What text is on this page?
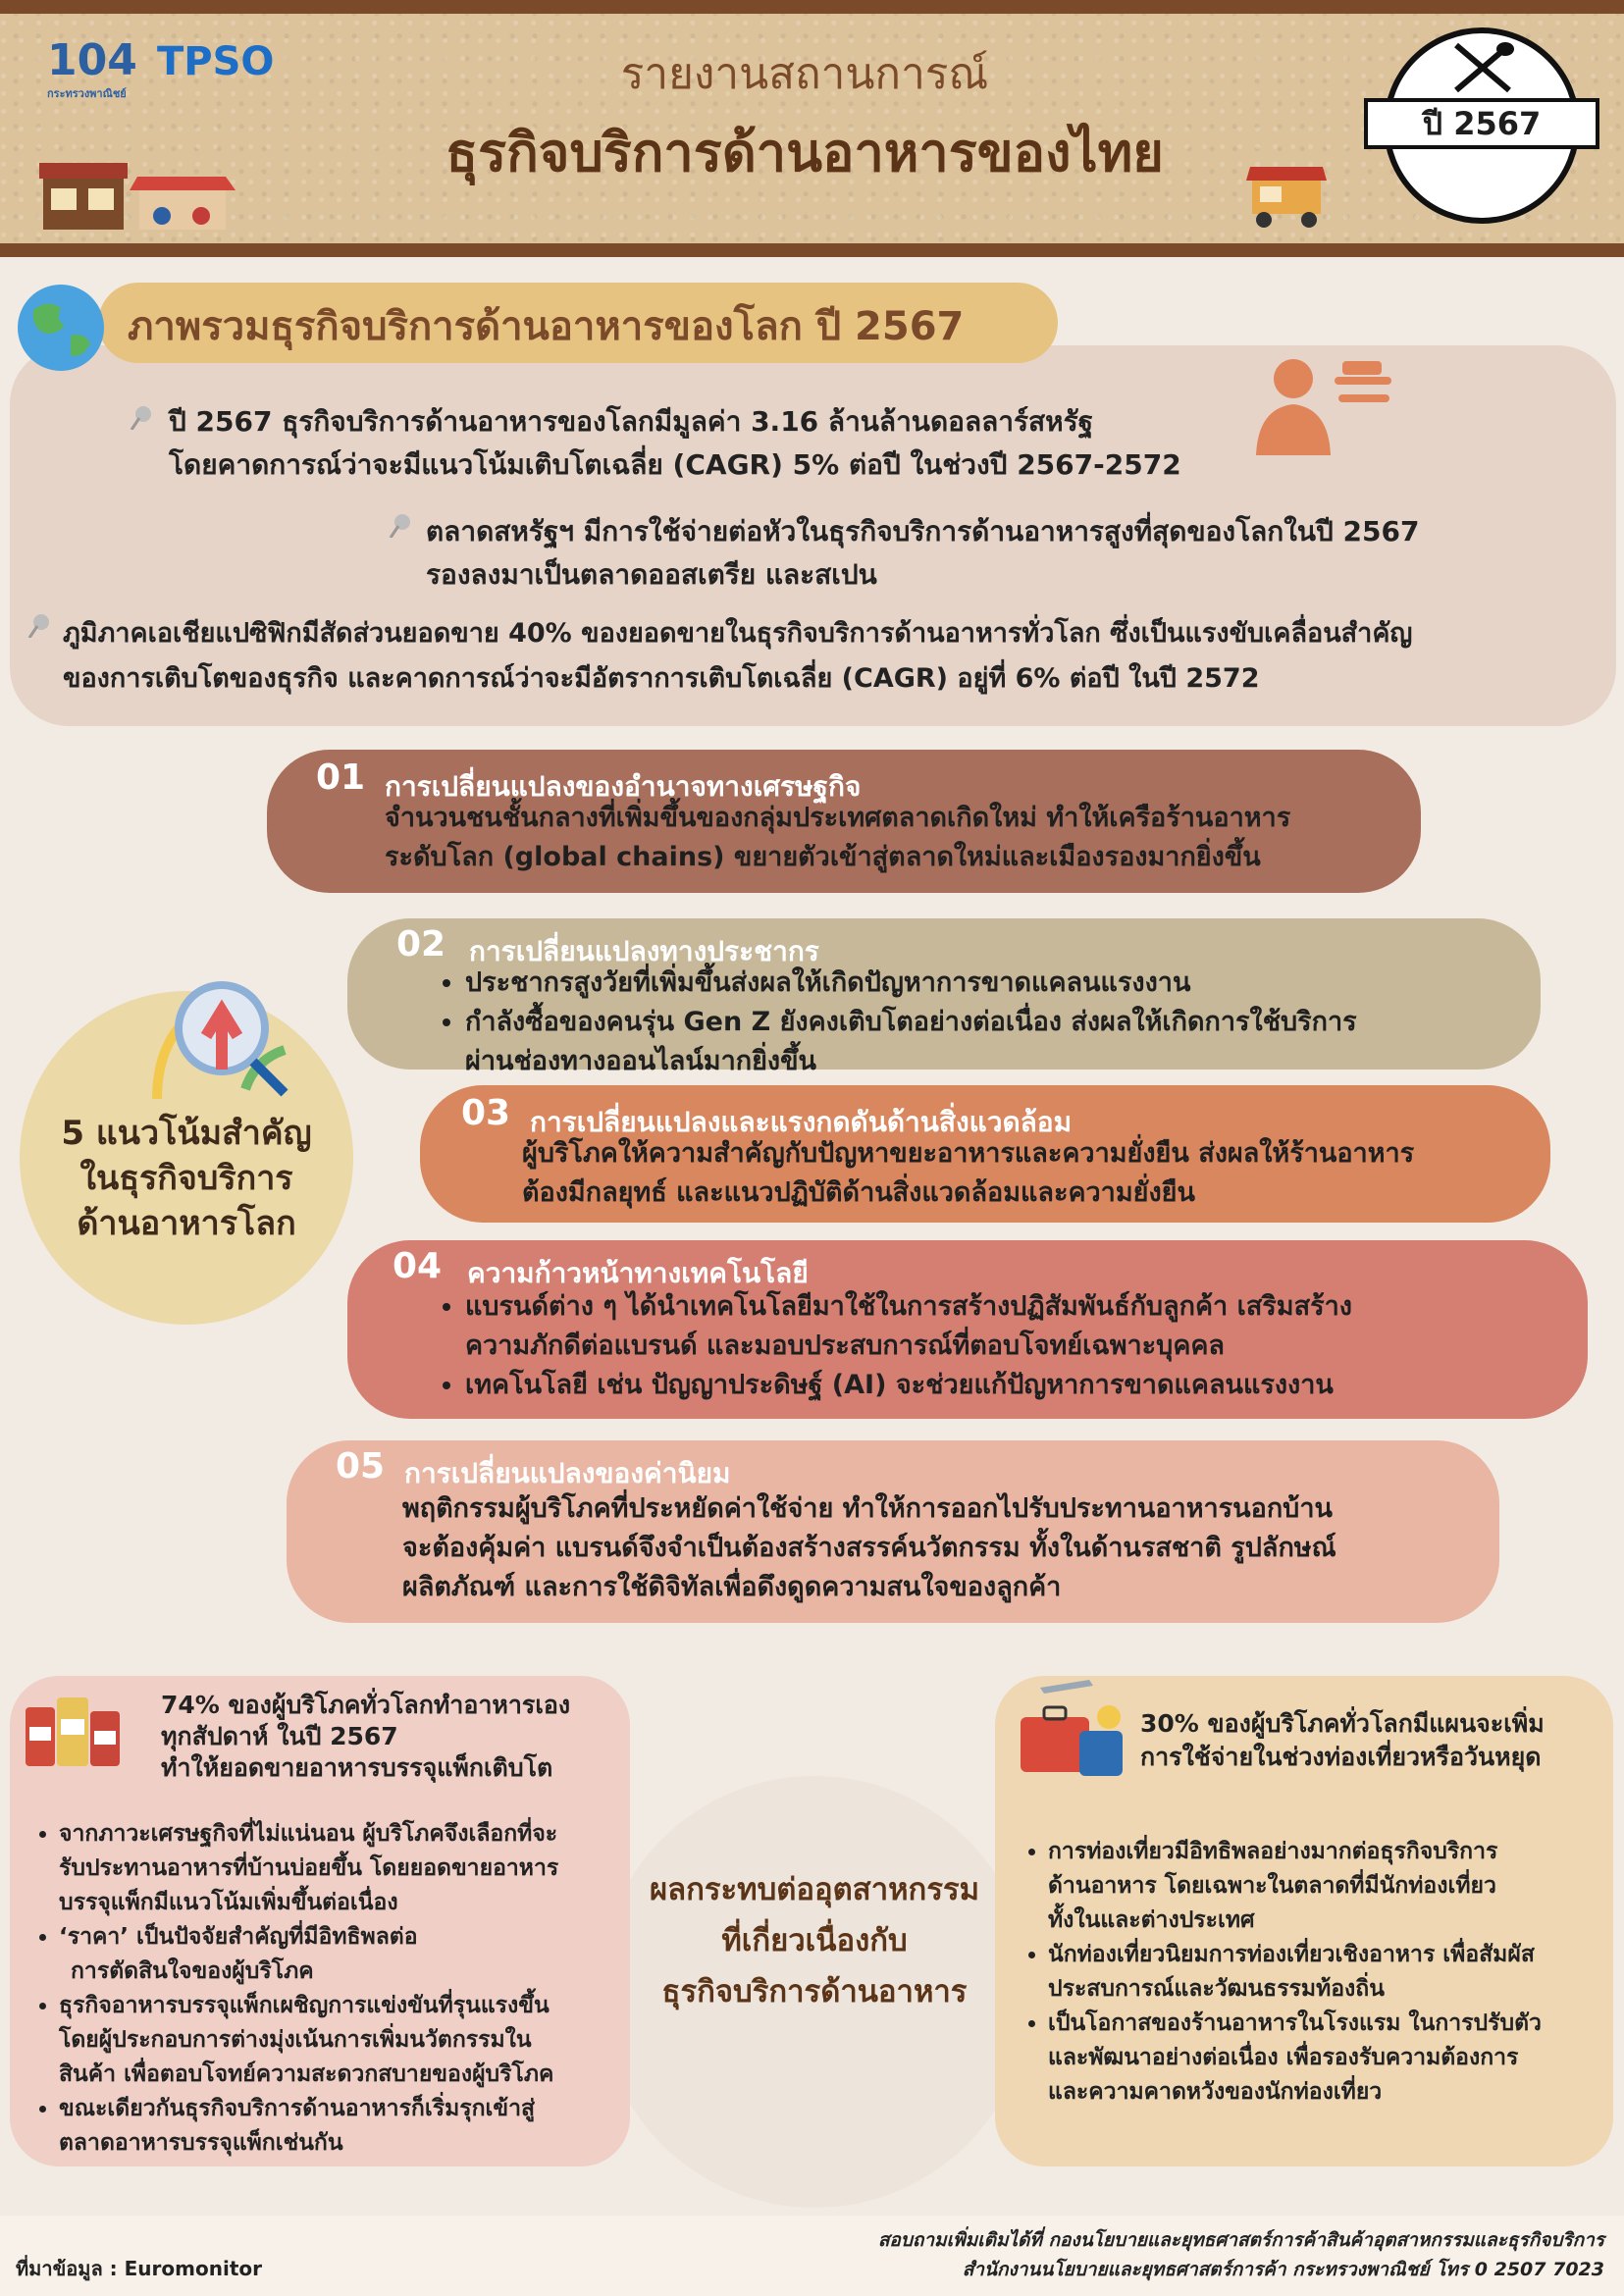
104
กระทรวงพาณิชย์
TPSO	รายงานสถานการณ์
ธุรกิจบริการด้านอาหารของไทย	ปี 2567
ภาพรวมธุรกิจบริการด้านอาหารของโลก ปี 2567
ปี 2567 ธุรกิจบริการด้านอาหารของโลกมีมูลค่า 3.16 ล้านล้านดอลลาร์สหรัฐ
โดยคาดการณ์ว่าจะมีแนวโน้มเติบโตเฉลี่ย (CAGR) 5% ต่อปี ในช่วงปี 2567-2572
ตลาดสหรัฐฯ มีการใช้จ่ายต่อหัวในธุรกิจบริการด้านอาหารสูงที่สุดของโลกในปี 2567
รองลงมาเป็นตลาดออสเตรีย และสเปน
ภูมิภาคเอเชียแปซิฟิกมีสัดส่วนยอดขาย 40% ของยอดขายในธุรกิจบริการด้านอาหารทั่วโลก ซึ่งเป็นแรงขับเคลื่อนสำคัญ
ของการเติบโตของธุรกิจ และคาดการณ์ว่าจะมีอัตราการเติบโตเฉลี่ย (CAGR) อยู่ที่ 6% ต่อปี ในปี 2572
5 แนวโน้มสำคัญ
ในธุรกิจบริการ
ด้านอาหารโลก
01 การเปลี่ยนแปลงของอำนาจทางเศรษฐกิจ
จำนวนชนชั้นกลางที่เพิ่มขึ้นของกลุ่มประเทศตลาดเกิดใหม่ ทำให้เครือร้านอาหาร
ระดับโลก (global chains) ขยายตัวเข้าสู่ตลาดใหม่และเมืองรองมากยิ่งขึ้น
02 การเปลี่ยนแปลงทางประชากร
• ประชากรสูงวัยที่เพิ่มขึ้นส่งผลให้เกิดปัญหาการขาดแคลนแรงงาน
• กำลังซื้อของคนรุ่น Gen Z ยังคงเติบโตอย่างต่อเนื่อง ส่งผลให้เกิดการใช้บริการ
ผ่านช่องทางออนไลน์มากยิ่งขึ้น
03 การเปลี่ยนแปลงและแรงกดดันด้านสิ่งแวดล้อม
ผู้บริโภคให้ความสำคัญกับปัญหาขยะอาหารและความยั่งยืน ส่งผลให้ร้านอาหาร
ต้องมีกลยุทธ์ และแนวปฏิบัติด้านสิ่งแวดล้อมและความยั่งยืน
04 ความก้าวหน้าทางเทคโนโลยี
• แบรนด์ต่าง ๆ ได้นำเทคโนโลยีมาใช้ในการสร้างปฏิสัมพันธ์กับลูกค้า เสริมสร้าง
ความภักดีต่อแบรนด์ และมอบประสบการณ์ที่ตอบโจทย์เฉพาะบุคคล
• เทคโนโลยี เช่น ปัญญาประดิษฐ์ (AI) จะช่วยแก้ปัญหาการขาดแคลนแรงงาน
05 การเปลี่ยนแปลงของค่านิยม
พฤติกรรมผู้บริโภคที่ประหยัดค่าใช้จ่าย ทำให้การออกไปรับประทานอาหารนอกบ้าน
จะต้องคุ้มค่า แบรนด์จึงจำเป็นต้องสร้างสรรค์นวัตกรรม ทั้งในด้านรสชาติ รูปลักษณ์
ผลิตภัณฑ์ และการใช้ดิจิทัลเพื่อดึงดูดความสนใจของลูกค้า
ผลกระทบต่ออุตสาหกรรม
ที่เกี่ยวเนื่องกับ
ธุรกิจบริการด้านอาหาร
74% ของผู้บริโภคทั่วโลกทำอาหารเอง
ทุกสัปดาห์ ในปี 2567
ทำให้ยอดขายอาหารบรรจุแพ็กเติบโต
• จากภาวะเศรษฐกิจที่ไม่แน่นอน ผู้บริโภคจึงเลือกที่จะ
รับประทานอาหารที่บ้านบ่อยขึ้น โดยยอดขายอาหาร
บรรจุแพ็กมีแนวโน้มเพิ่มขึ้นต่อเนื่อง
• ‘ราคา’ เป็นปัจจัยสำคัญที่มีอิทธิพลต่อ
การตัดสินใจของผู้บริโภค
• ธุรกิจอาหารบรรจุแพ็กเผชิญการแข่งขันที่รุนแรงขึ้น
โดยผู้ประกอบการต่างมุ่งเน้นการเพิ่มนวัตกรรมใน
สินค้า เพื่อตอบโจทย์ความสะดวกสบายของผู้บริโภค
• ขณะเดียวกันธุรกิจบริการด้านอาหารก็เริ่มรุกเข้าสู่
ตลาดอาหารบรรจุแพ็กเช่นกัน
30% ของผู้บริโภคทั่วโลกมีแผนจะเพิ่ม
การใช้จ่ายในช่วงท่องเที่ยวหรือวันหยุด
• การท่องเที่ยวมีอิทธิพลอย่างมากต่อธุรกิจบริการ
ด้านอาหาร โดยเฉพาะในตลาดที่มีนักท่องเที่ยว
ทั้งในและต่างประเทศ
• นักท่องเที่ยวนิยมการท่องเที่ยวเชิงอาหาร เพื่อสัมผัส
ประสบการณ์และวัฒนธรรมท้องถิ่น
• เป็นโอกาสของร้านอาหารในโรงแรม ในการปรับตัว
และพัฒนาอย่างต่อเนื่อง เพื่อรองรับความต้องการ
และความคาดหวังของนักท่องเที่ยว
ที่มาข้อมูล : Euromonitor
สอบถามเพิ่มเติมได้ที่ กองนโยบายและยุทธศาสตร์การค้าสินค้าอุตสาหกรรมและธุรกิจบริการ
สำนักงานนโยบายและยุทธศาสตร์การค้า กระทรวงพาณิชย์ โทร 0 2507 7023
